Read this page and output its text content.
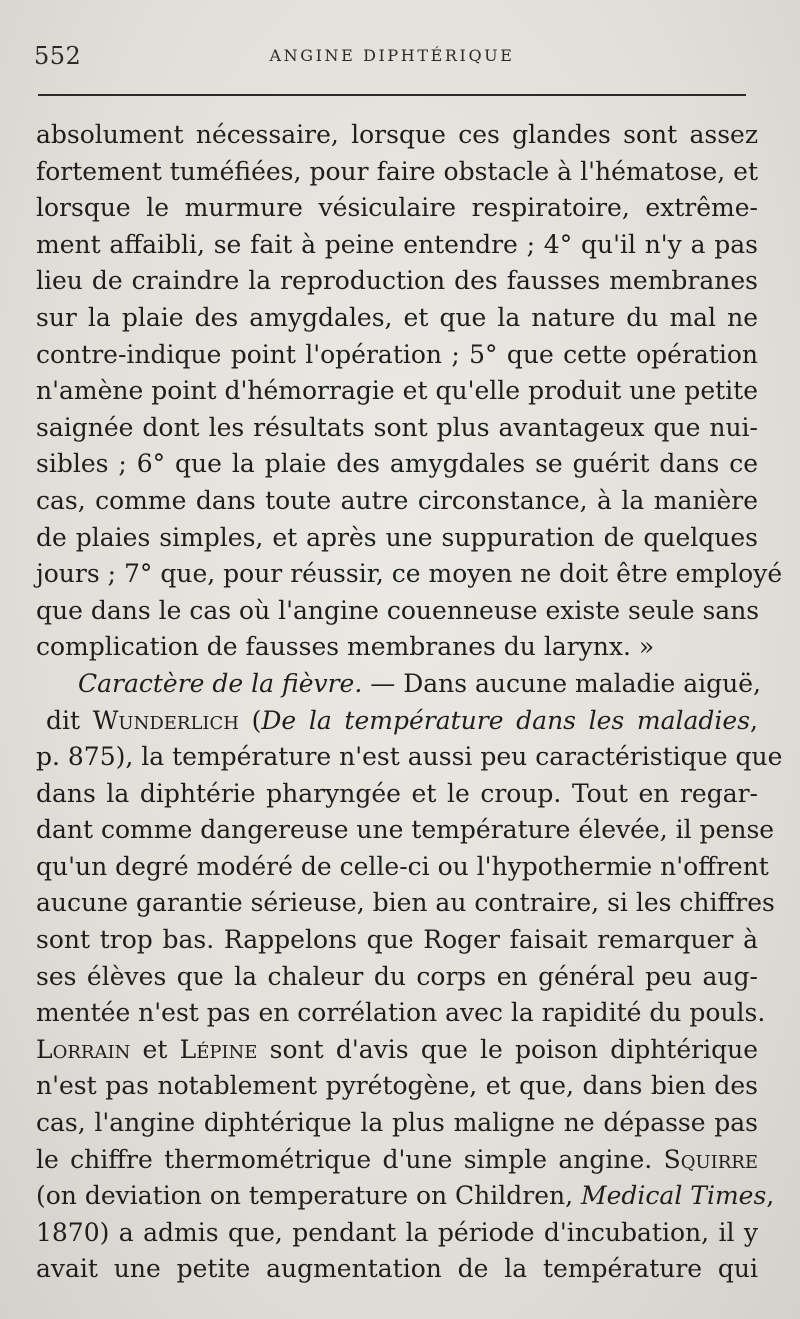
552	ANGINE DIPHTÉRIQUE
absolument nécessaire, lorsque ces glandes sont assez
fortement tuméfiées, pour faire obstacle à l'hématose, et
lorsque le murmure vésiculaire respiratoire, extrême-
ment affaibli, se fait à peine entendre ; 4° qu'il n'y a pas
lieu de craindre la reproduction des fausses membranes
sur la plaie des amygdales, et que la nature du mal ne
contre-indique point l'opération ; 5° que cette opération
n'amène point d'hémorragie et qu'elle produit une petite
saignée dont les résultats sont plus avantageux que nui-
sibles ; 6° que la plaie des amygdales se guérit dans ce
cas, comme dans toute autre circonstance, à la manière
de plaies simples, et après une suppuration de quelques
jours ; 7° que, pour réussir, ce moyen ne doit être employé
que dans le cas où l'angine couenneuse existe seule sans
complication de fausses membranes du larynx. »
Caractère de la fièvre. — Dans aucune maladie aiguë,
dit Wunderlich (De la température dans les maladies,
p. 875), la température n'est aussi peu caractéristique que
dans la diphtérie pharyngée et le croup. Tout en regar-
dant comme dangereuse une température élevée, il pense
qu'un degré modéré de celle-ci ou l'hypothermie n'offrent
aucune garantie sérieuse, bien au contraire, si les chiffres
sont trop bas. Rappelons que Roger faisait remarquer à
ses élèves que la chaleur du corps en général peu aug-
mentée n'est pas en corrélation avec la rapidité du pouls.
Lorrain et Lépine sont d'avis que le poison diphtérique
n'est pas notablement pyrétogène, et que, dans bien des
cas, l'angine diphtérique la plus maligne ne dépasse pas
le chiffre thermométrique d'une simple angine. Squirre
(on deviation on temperature on Children, Medical Times,
1870) a admis que, pendant la période d'incubation, il y
avait une petite augmentation de la température qui
